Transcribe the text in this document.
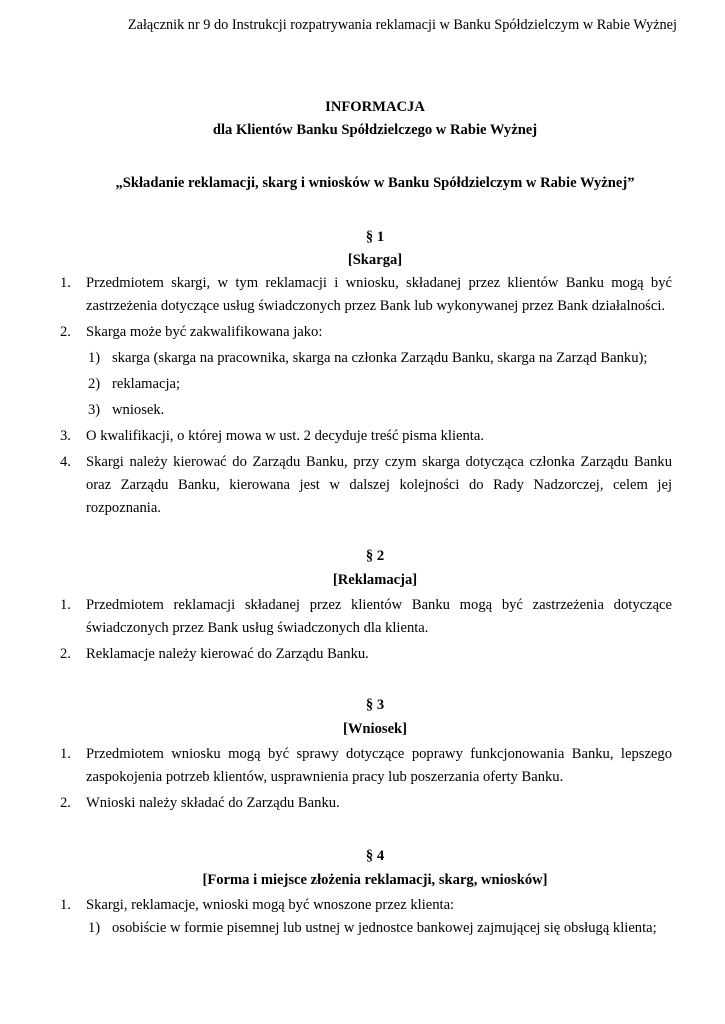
Załącznik nr 9 do Instrukcji rozpatrywania reklamacji w Banku Spółdzielczym w Rabie Wyżnej
INFORMACJA
dla Klientów Banku Spółdzielczego w Rabie Wyżnej
„Składanie reklamacji, skarg i wniosków w Banku Spółdzielczym w Rabie Wyżnej”
§ 1
[Skarga]

1. Przedmiotem skargi, w tym reklamacji i wniosku, składanej przez klientów Banku mogą być zastrzeżenia dotyczące usług świadczonych przez Bank lub wykonywanej przez Bank działalności.

2. Skarga może być zakwalifikowana jako:

1) skarga (skarga na pracownika, skarga na członka Zarządu Banku, skarga na Zarząd Banku);

2) reklamacja;

3) wniosek.

3. O kwalifikacji, o której mowa w ust. 2 decyduje treść pisma klienta.

4. Skargi należy kierować do Zarządu Banku, przy czym skarga dotycząca członka Zarządu Banku oraz Zarządu Banku, kierowana jest w dalszej kolejności do Rady Nadzorczej, celem jej rozpoznania.

§ 2
[Reklamacja]

1. Przedmiotem reklamacji składanej przez klientów Banku mogą być zastrzeżenia dotyczące świadczonych przez Bank usług świadczonych dla klienta.

2. Reklamacje należy kierować do Zarządu Banku.

§ 3
[Wniosek]

1. Przedmiotem wniosku mogą być sprawy dotyczące poprawy funkcjonowania Banku, lepszego zaspokojenia potrzeb klientów, usprawnienia pracy lub poszerzania oferty Banku.

2. Wnioski należy składać do Zarządu Banku.

§ 4
[Forma i miejsce złożenia reklamacji, skarg, wniosków]

1. Skargi, reklamacje, wnioski mogą być wnoszone przez klienta:

1) osobiście w formie pisemnej lub ustnej w jednostce bankowej zajmującej się obsługą klienta;
